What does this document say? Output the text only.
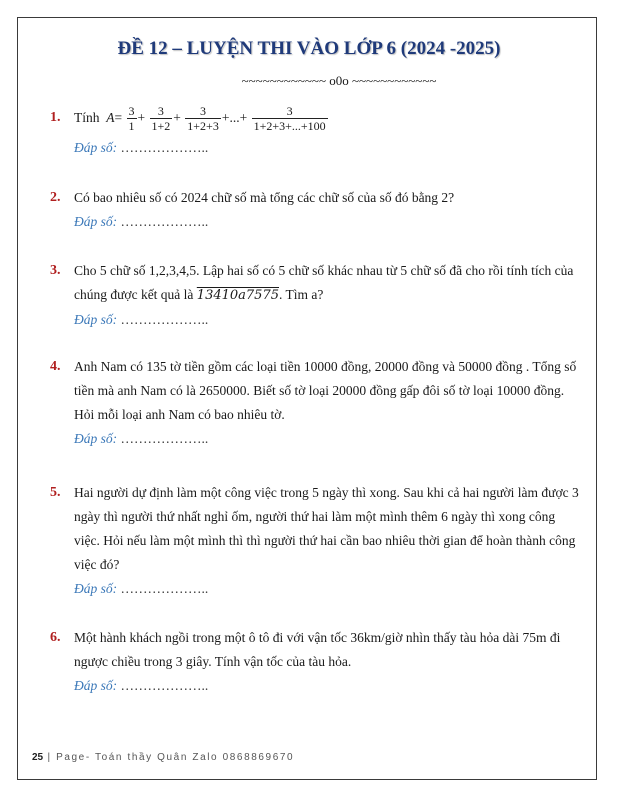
ĐỀ 12 – LUYỆN THI VÀO LỚP 6 (2024 -2025)
~~~~~~~~~~~~ o0o ~~~~~~~~~~~~
1. Tính $A= \frac{3}{1} + \frac{3}{1+2} + \frac{3}{1+2+3}$ +...+ $\frac{3}{1+2+3+...+100}$
Đáp số: ………………..
2. Có bao nhiêu số có 2024 chữ số mà tổng các chữ số của số đó bằng 2?
Đáp số: ………………..
3. Cho 5 chữ số 1,2,3,4,5. Lập hai số có 5 chữ số khác nhau từ 5 chữ số đã cho rồi tính tích của chúng được kết quả là 13410a7575. Tìm a?
Đáp số: ………………..
4. Anh Nam có 135 tờ tiền gồm các loại tiền 10000 đồng, 20000 đồng và 50000 đồng . Tổng số tiền mà anh Nam có là 2650000. Biết số tờ loại 20000 đồng gấp đôi số tờ loại 10000 đồng. Hỏi mỗi loại anh Nam có bao nhiêu tờ.
Đáp số: ………………..
5. Hai người dự định làm một công việc trong 5 ngày thì xong. Sau khi cả hai người làm được 3 ngày thì người thứ nhất nghỉ ốm, người thứ hai làm một mình thêm 6 ngày thì xong công việc. Hỏi nếu làm một mình thì thì người thứ hai cần bao nhiêu thời gian để hoàn thành công việc đó?
Đáp số: ………………..
6. Một hành khách ngồi trong một ô tô đi với vận tốc 36km/giờ nhìn thấy tàu hỏa dài 75m đi ngược chiều trong 3 giây. Tính vận tốc của tàu hỏa.
Đáp số: ………………..
25 | Page- Toán thầy Quân Zalo 0868869670
